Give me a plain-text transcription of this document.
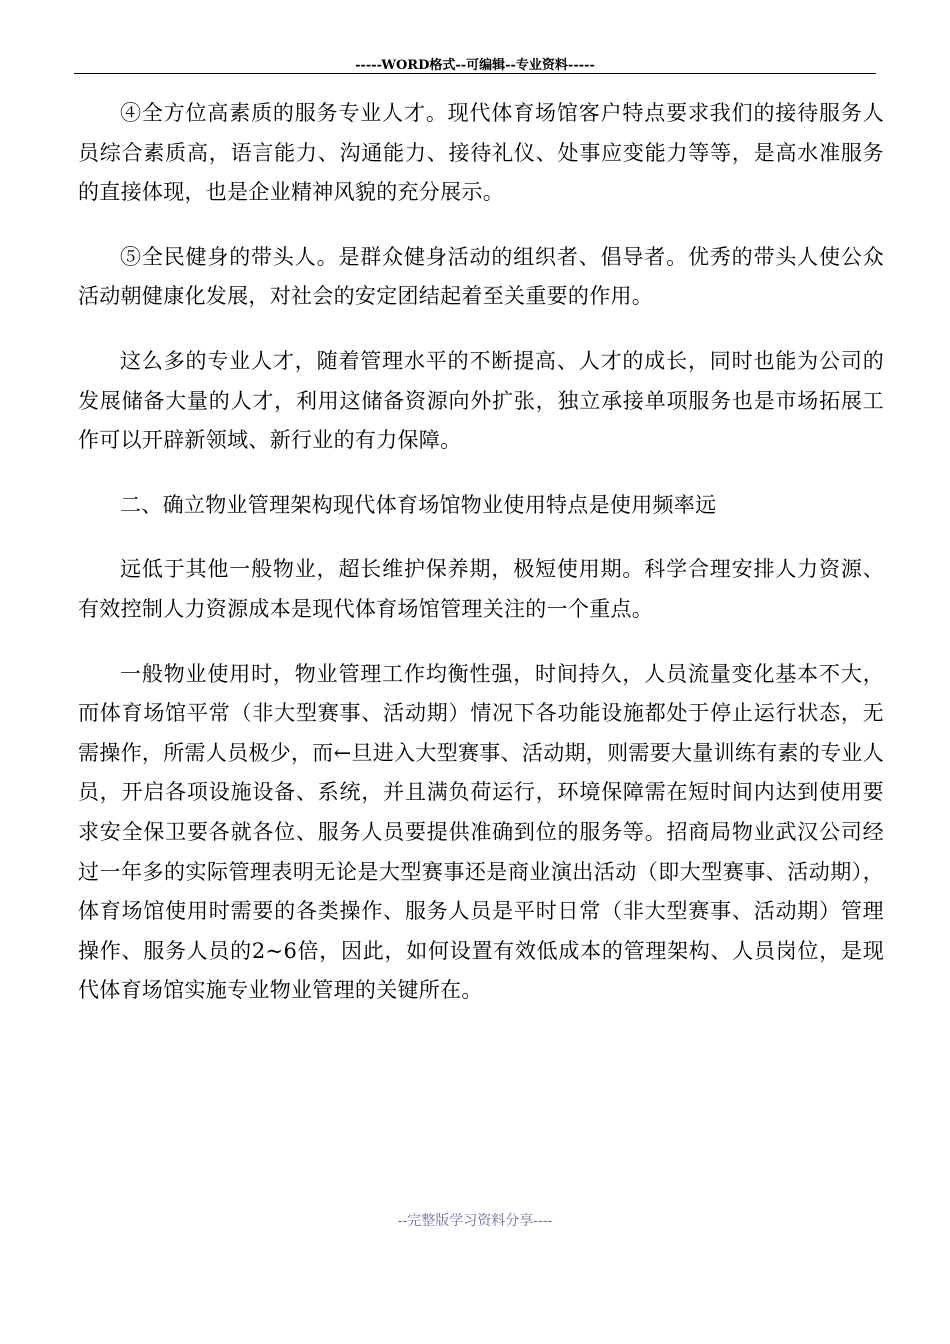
-----WORD格式--可编辑--专业资料-----

④全方位高素质的服务专业人才。现代体育场馆客户特点要求我们的接待服务人员综合素质高，语言能力、沟通能力、接待礼仪、处事应变能力等等，是高水准服务的直接体现，也是企业精神风貌的充分展示。

⑤全民健身的带头人。是群众健身活动的组织者、倡导者。优秀的带头人使公众活动朝健康化发展，对社会的安定团结起着至关重要的作用。

这么多的专业人才，随着管理水平的不断提高、人才的成长，同时也能为公司的发展储备大量的人才，利用这储备资源向外扩张，独立承接单项服务也是市场拓展工作可以开辟新领域、新行业的有力保障。

二、确立物业管理架构现代体育场馆物业使用特点是使用频率远

远低于其他一般物业，超长维护保养期，极短使用期。科学合理安排人力资源、有效控制人力资源成本是现代体育场馆管理关注的一个重点。

一般物业使用时，物业管理工作均衡性强，时间持久，人员流量变化基本不大，而体育场馆平常（非大型赛事、活动期）情况下各功能设施都处于停止运行状态，无需操作，所需人员极少，而←旦进入大型赛事、活动期，则需要大量训练有素的专业人员，开启各项设施设备、系统，并且满负荷运行，环境保障需在短时间内达到使用要求安全保卫要各就各位、服务人员要提供准确到位的服务等。招商局物业武汉公司经过一年多的实际管理表明无论是大型赛事还是商业演出活动（即大型赛事、活动期），体育场馆使用时需要的各类操作、服务人员是平时日常（非大型赛事、活动期）管理操作、服务人员的2~6倍，因此，如何设置有效低成本的管理架构、人员岗位，是现代体育场馆实施专业物业管理的关键所在。

--完整版学习资料分享----
